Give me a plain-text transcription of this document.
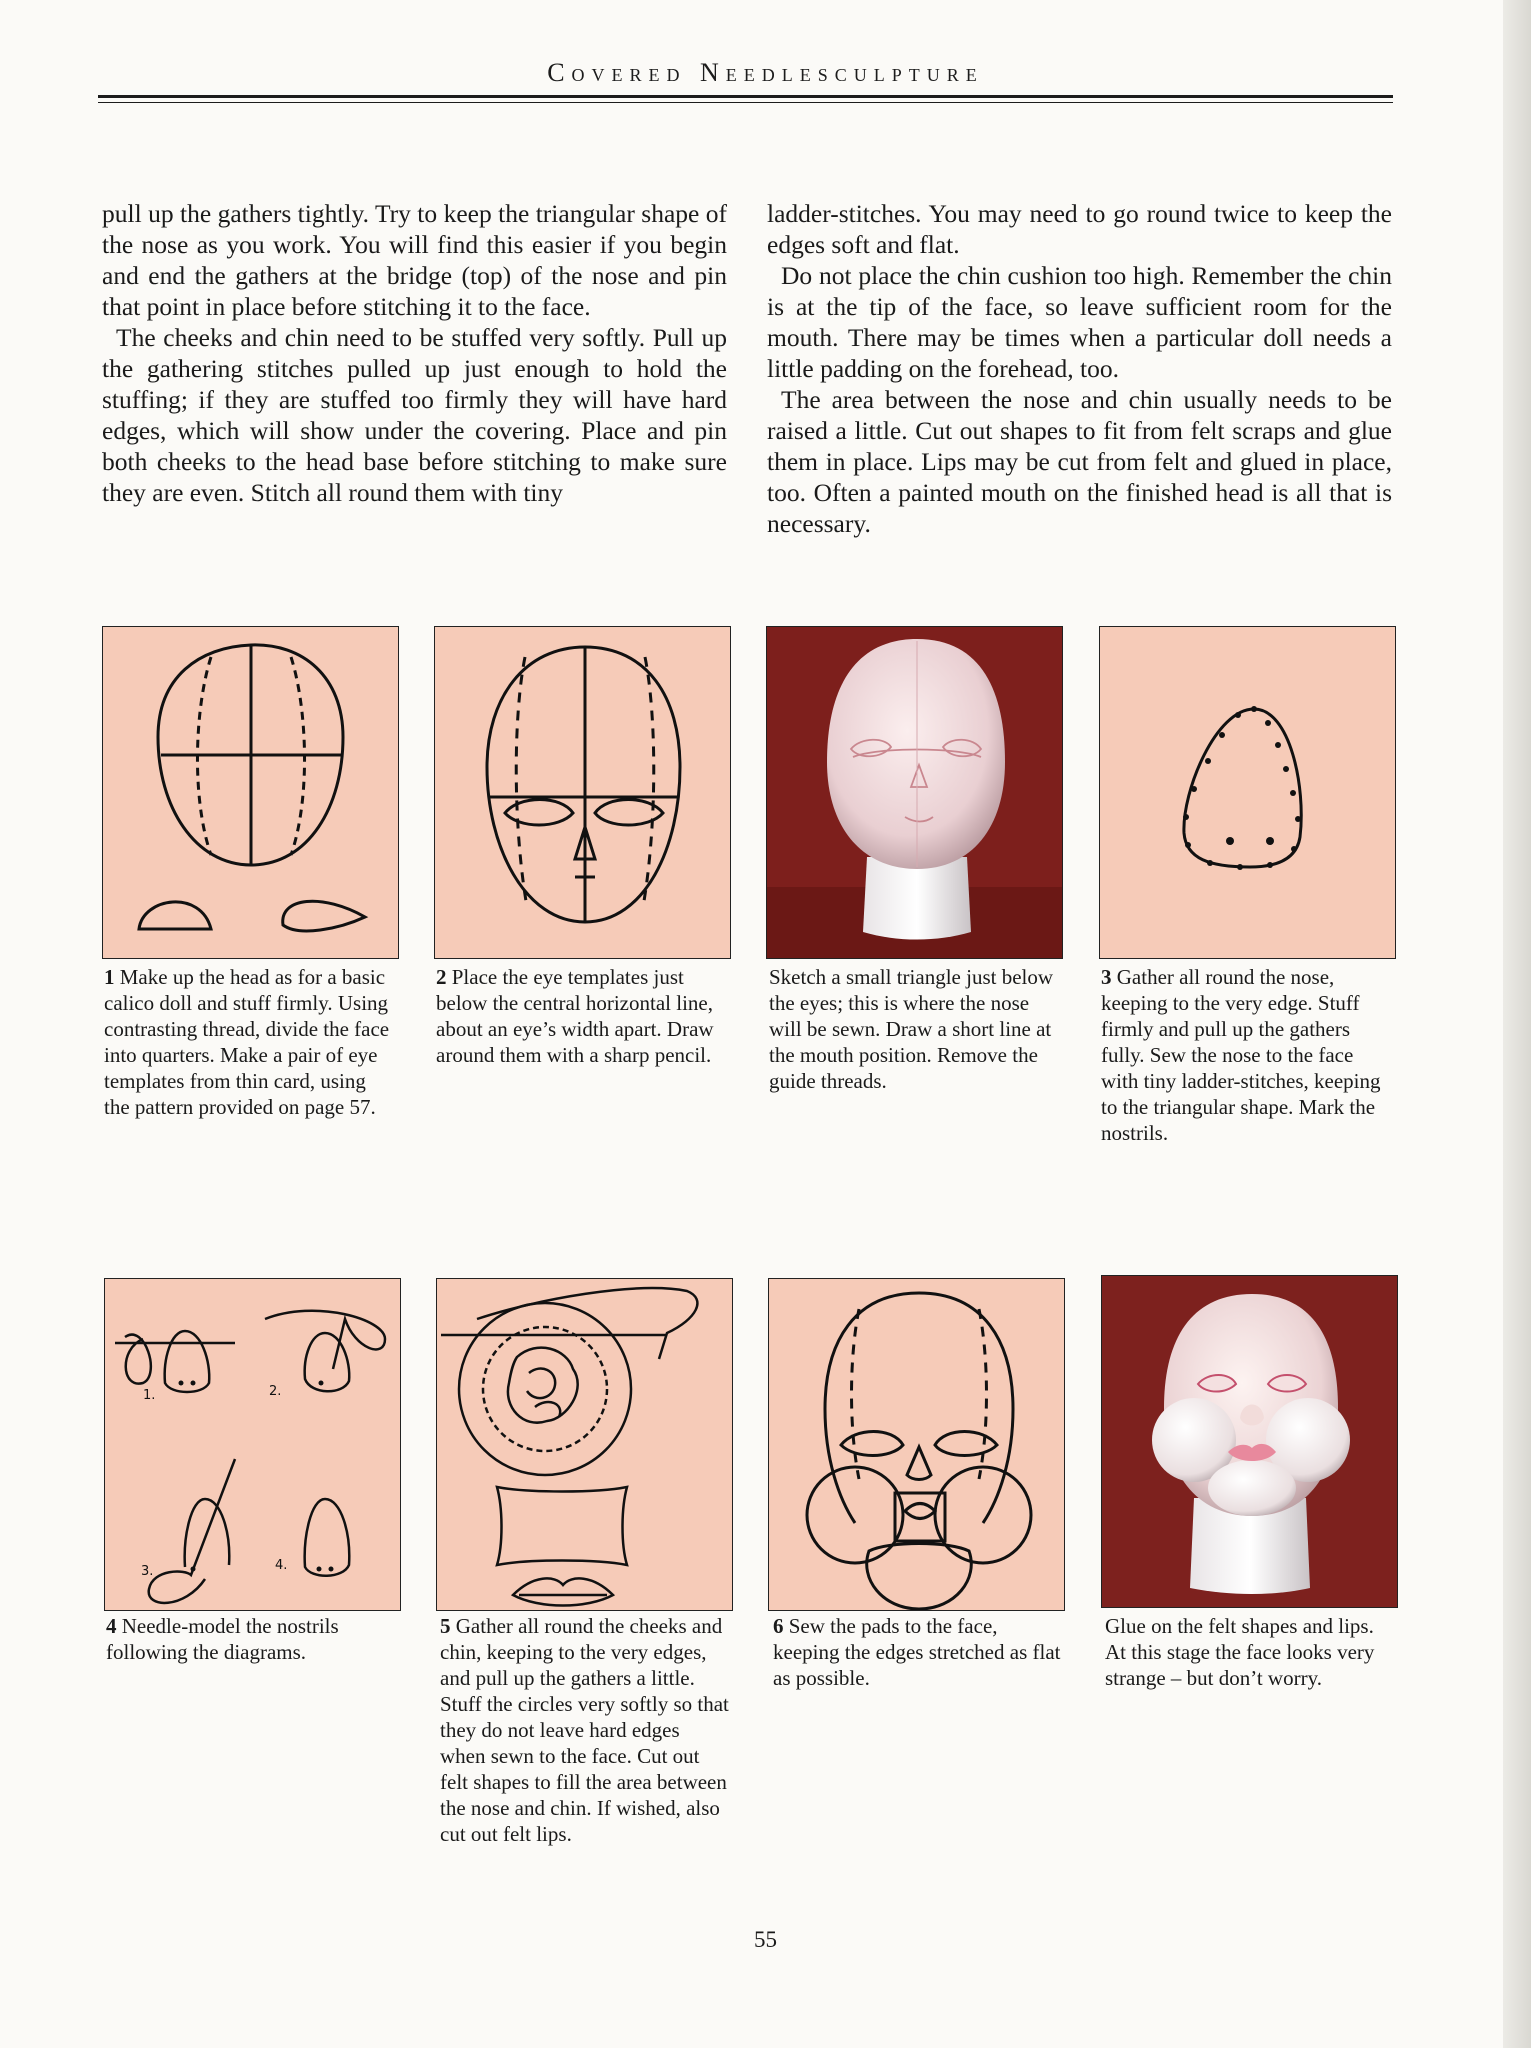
Covered Needlesculpture

pull up the gathers tightly. Try to keep the triangular shape of the nose as you work. You will find this easier if you begin and end the gathers at the bridge (top) of the nose and pin that point in place before stitching it to the face.

The cheeks and chin need to be stuffed very softly. Pull up the gathering stitches pulled up just enough to hold the stuffing; if they are stuffed too firmly they will have hard edges, which will show under the covering. Place and pin both cheeks to the head base before stitching to make sure they are even. Stitch all round them with tiny

ladder-stitches. You may need to go round twice to keep the edges soft and flat.

Do not place the chin cushion too high. Remember the chin is at the tip of the face, so leave sufficient room for the mouth. There may be times when a particular doll needs a little padding on the forehead, too.

The area between the nose and chin usually needs to be raised a little. Cut out shapes to fit from felt scraps and glue them in place. Lips may be cut from felt and glued in place, too. Often a painted mouth on the finished head is all that is necessary.

1 Make up the head as for a basic calico doll and stuff firmly. Using contrasting thread, divide the face into quarters. Make a pair of eye templates from thin card, using the pattern provided on page 57.
2 Place the eye templates just below the central horizontal line, about an eye’s width apart. Draw around them with a sharp pencil.
Sketch a small triangle just below the eyes; this is where the nose will be sewn. Draw a short line at the mouth position. Remove the guide threads.
3 Gather all round the nose, keeping to the very edge. Stuff firmly and pull up the gathers fully. Sew the nose to the face with tiny ladder-stitches, keeping to the triangular shape. Mark the nostrils.
1.	2.
3.	4.
4 Needle-model the nostrils following the diagrams.
5 Gather all round the cheeks and chin, keeping to the very edges, and pull up the gathers a little. Stuff the circles very softly so that they do not leave hard edges when sewn to the face. Cut out felt shapes to fill the area between the nose and chin. If wished, also cut out felt lips.
6 Sew the pads to the face, keeping the edges stretched as flat as possible.
Glue on the felt shapes and lips. At this stage the face looks very strange – but don’t worry.
55
